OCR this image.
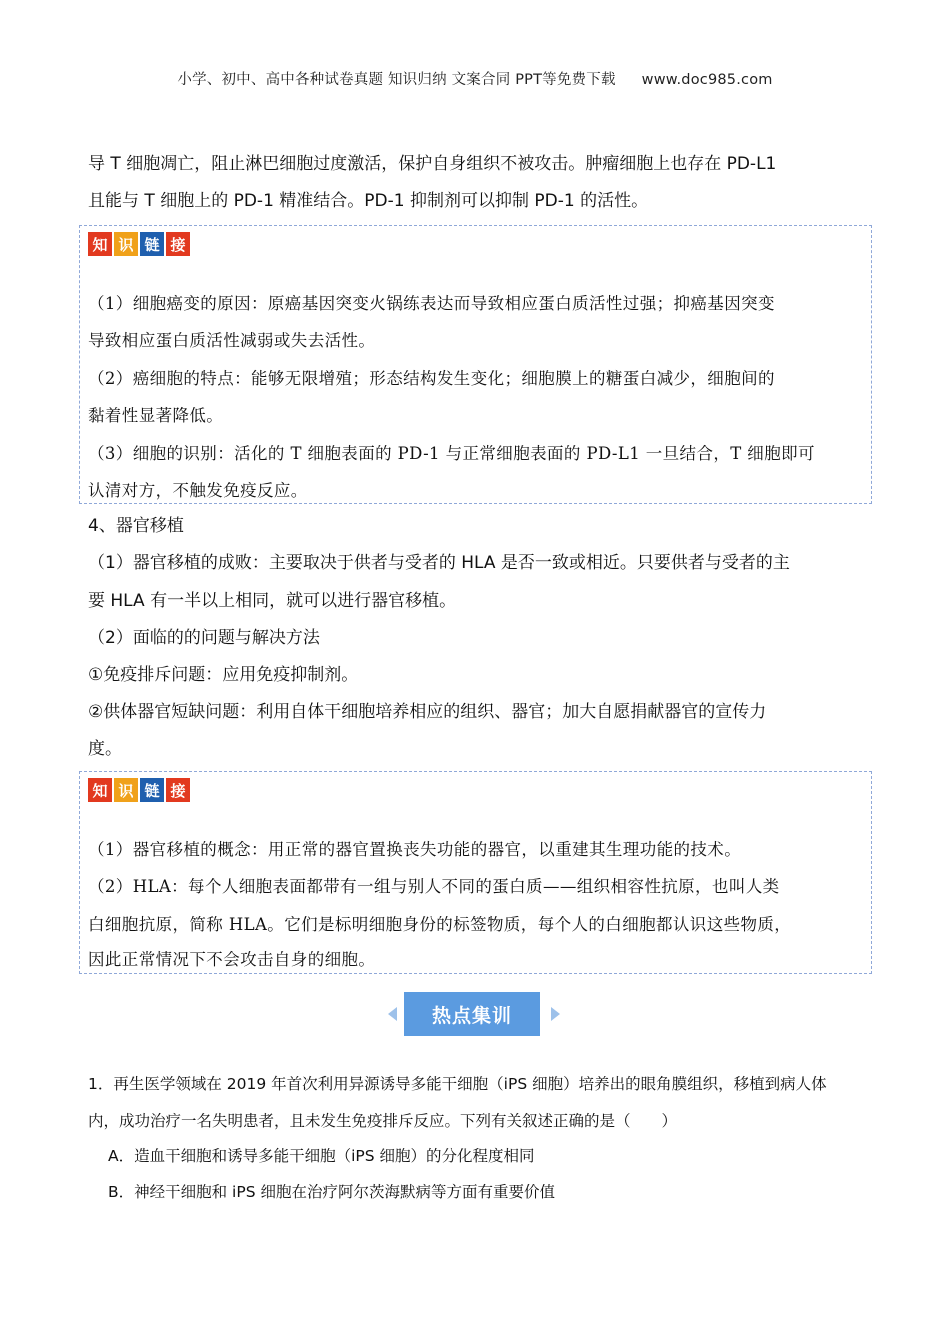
小学、初中、高中各种试卷真题 知识归纳 文案合同 PPT等免费下载 www.doc985.com

导 T 细胞凋亡，阻止淋巴细胞过度激活，保护自身组织不被攻击。肿瘤细胞上也存在 PD-L1

且能与 T 细胞上的 PD-1 精准结合。PD-1 抑制剂可以抑制 PD-1 的活性。

知 识 链 接

（1）细胞癌变的原因：原癌基因突变火锅练表达而导致相应蛋白质活性过强；抑癌基因突变

导致相应蛋白质活性减弱或失去活性。

（2）癌细胞的特点：能够无限增殖；形态结构发生变化；细胞膜上的糖蛋白减少，细胞间的

黏着性显著降低。

（3）细胞的识别：活化的 T 细胞表面的 PD-1 与正常细胞表面的 PD-L1 一旦结合，T 细胞即可

认清对方，不触发免疫反应。

4、器官移植

（1）器官移植的成败：主要取决于供者与受者的 HLA 是否一致或相近。只要供者与受者的主

要 HLA 有一半以上相同，就可以进行器官移植。

（2）面临的的问题与解决方法

①免疫排斥问题：应用免疫抑制剂。

②供体器官短缺问题：利用自体干细胞培养相应的组织、器官；加大自愿捐献器官的宣传力

度。

知 识 链 接

（1）器官移植的概念：用正常的器官置换丧失功能的器官，以重建其生理功能的技术。

（2）HLA：每个人细胞表面都带有一组与别人不同的蛋白质——组织相容性抗原，也叫人类

白细胞抗原，简称 HLA。它们是标明细胞身份的标签物质，每个人的白细胞都认识这些物质，

因此正常情况下不会攻击自身的细胞。

热点集训

1．再生医学领域在 2019 年首次利用异源诱导多能干细胞（iPS 细胞）培养出的眼角膜组织，移植到病人体

内，成功治疗一名失明患者，且未发生免疫排斥反应。下列有关叙述正确的是（　　）

A．造血干细胞和诱导多能干细胞（iPS 细胞）的分化程度相同

B．神经干细胞和 iPS 细胞在治疗阿尔茨海默病等方面有重要价值
